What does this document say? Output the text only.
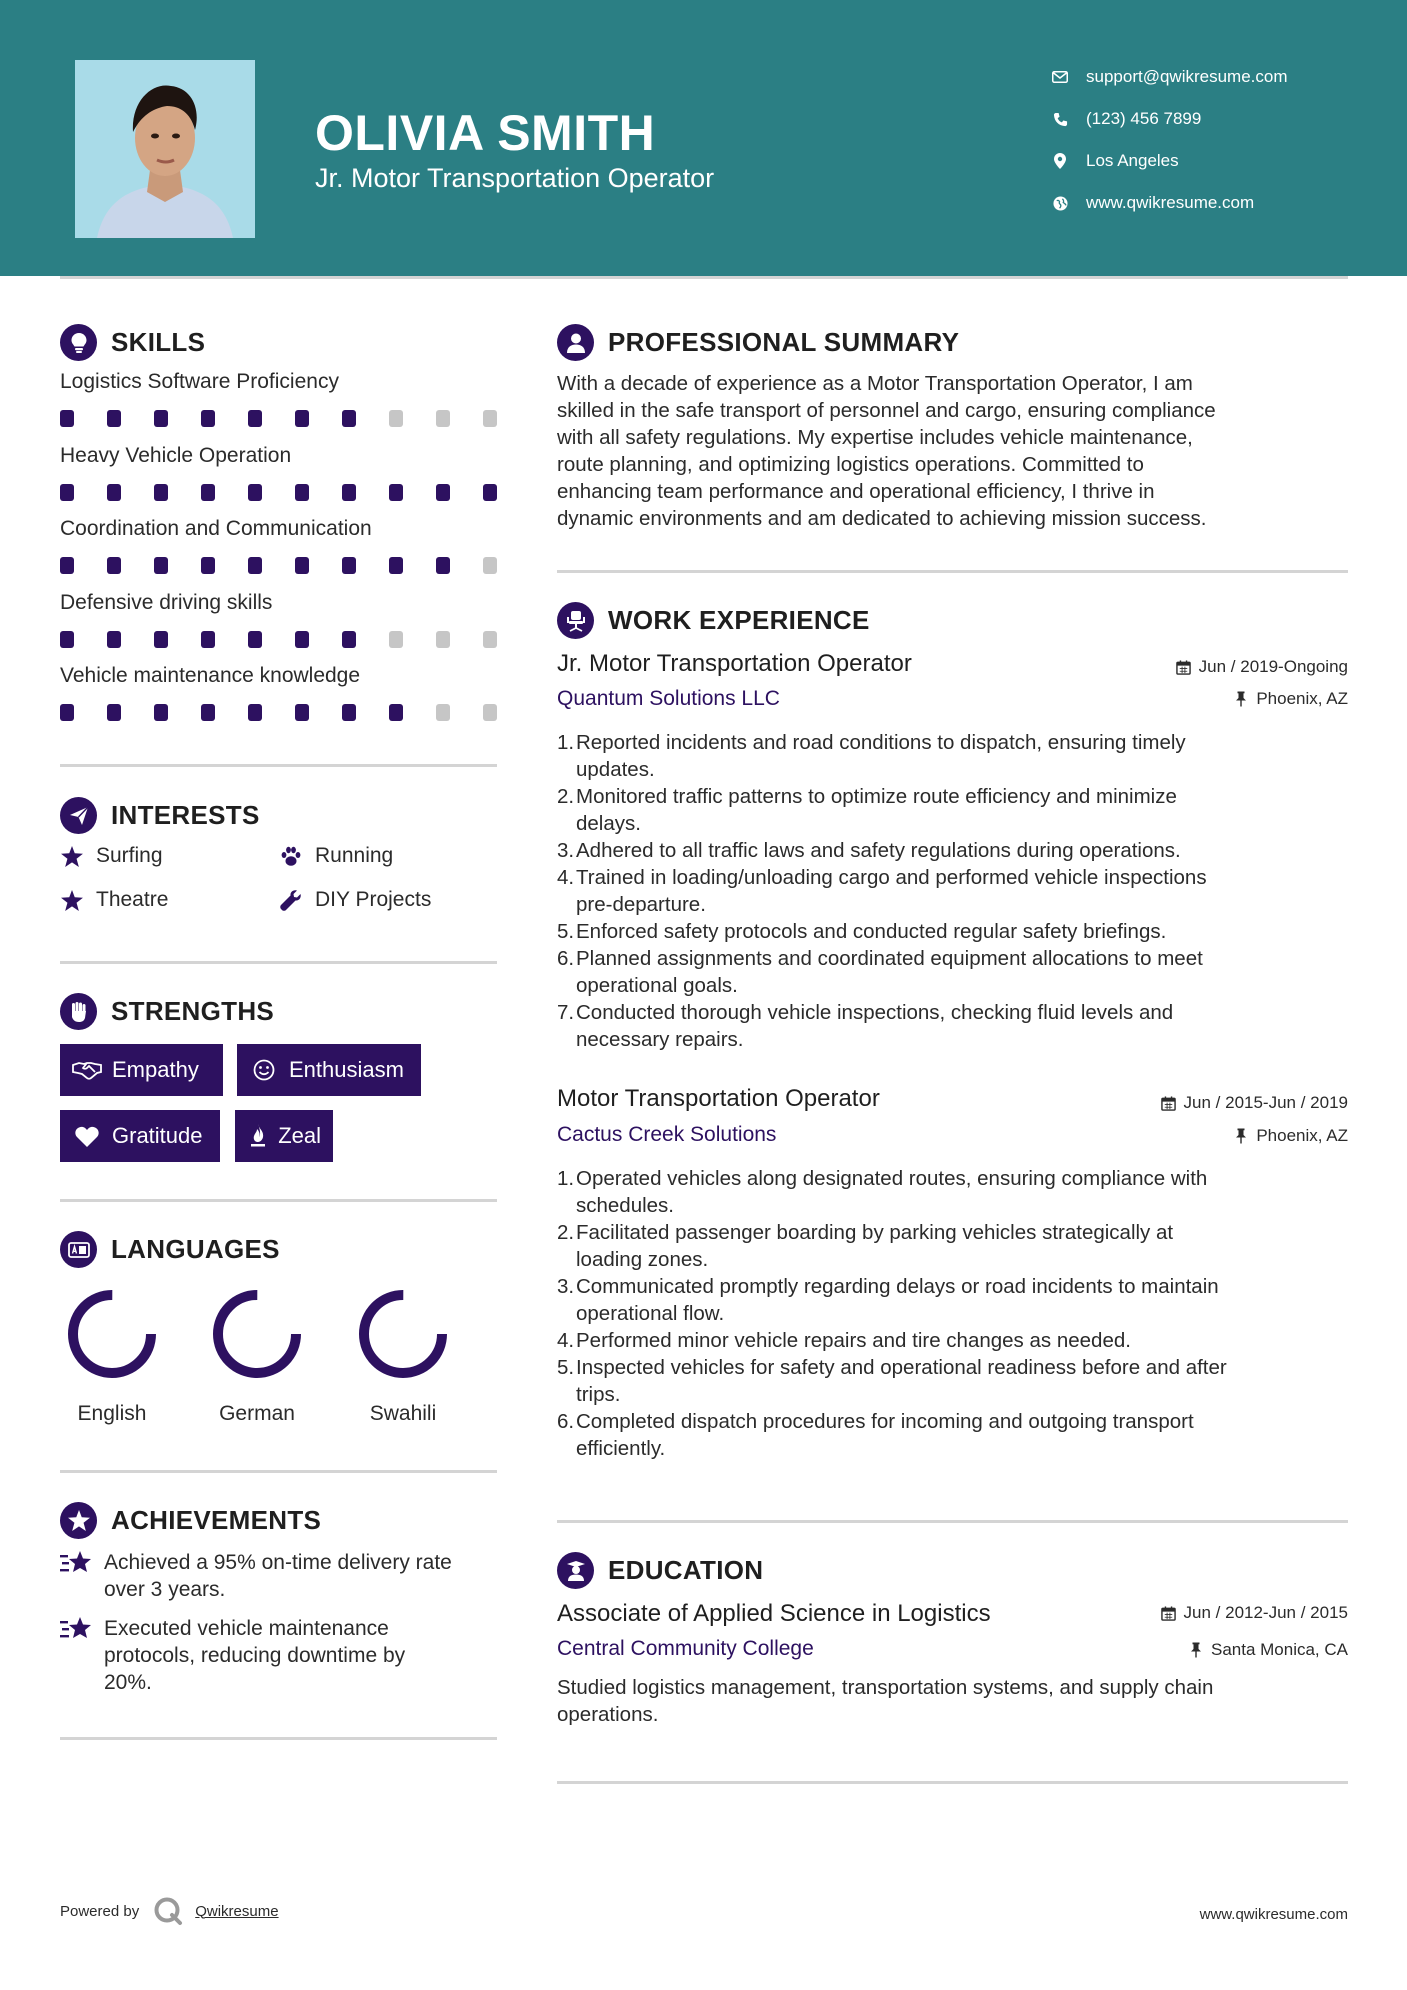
OLIVIA SMITH
Jr. Motor Transportation Operator
support@qwikresume.com
(123) 456 7899
Los Angeles
www.qwikresume.com
SKILLS
Logistics Software Proficiency
Heavy Vehicle Operation
Coordination and Communication
Defensive driving skills
Vehicle maintenance knowledge
INTERESTS
Surfing	Running
Theatre	DIY Projects
STRENGTHS
Empathy	Enthusiasm
Gratitude	Zeal
LANGUAGES
English	German	Swahili
ACHIEVEMENTS
Achieved a 95% on-time delivery rate
over 3 years.
Executed vehicle maintenance
protocols, reducing downtime by
20%.
PROFESSIONAL SUMMARY
With a decade of experience as a Motor Transportation Operator, I am
skilled in the safe transport of personnel and cargo, ensuring compliance
with all safety regulations. My expertise includes vehicle maintenance,
route planning, and optimizing logistics operations. Committed to
enhancing team performance and operational efficiency, I thrive in
dynamic environments and am dedicated to achieving mission success.
WORK EXPERIENCE
Jr. Motor Transportation Operator	Jun / 2019-Ongoing
Quantum Solutions LLC	Phoenix, AZ
1. Reported incidents and road conditions to dispatch, ensuring timely
updates.
2. Monitored traffic patterns to optimize route efficiency and minimize
delays.
3. Adhered to all traffic laws and safety regulations during operations.
4. Trained in loading/unloading cargo and performed vehicle inspections
pre-departure.
5. Enforced safety protocols and conducted regular safety briefings.
6. Planned assignments and coordinated equipment allocations to meet
operational goals.
7. Conducted thorough vehicle inspections, checking fluid levels and
necessary repairs.
Motor Transportation Operator	Jun / 2015-Jun / 2019
Cactus Creek Solutions	Phoenix, AZ
1. Operated vehicles along designated routes, ensuring compliance with
schedules.
2. Facilitated passenger boarding by parking vehicles strategically at
loading zones.
3. Communicated promptly regarding delays or road incidents to maintain
operational flow.
4. Performed minor vehicle repairs and tire changes as needed.
5. Inspected vehicles for safety and operational readiness before and after
trips.
6. Completed dispatch procedures for incoming and outgoing transport
efficiently.
EDUCATION
Associate of Applied Science in Logistics	Jun / 2012-Jun / 2015
Central Community College	Santa Monica, CA
Studied logistics management, transportation systems, and supply chain
operations.
Powered by	Qwikresume	www.qwikresume.com
